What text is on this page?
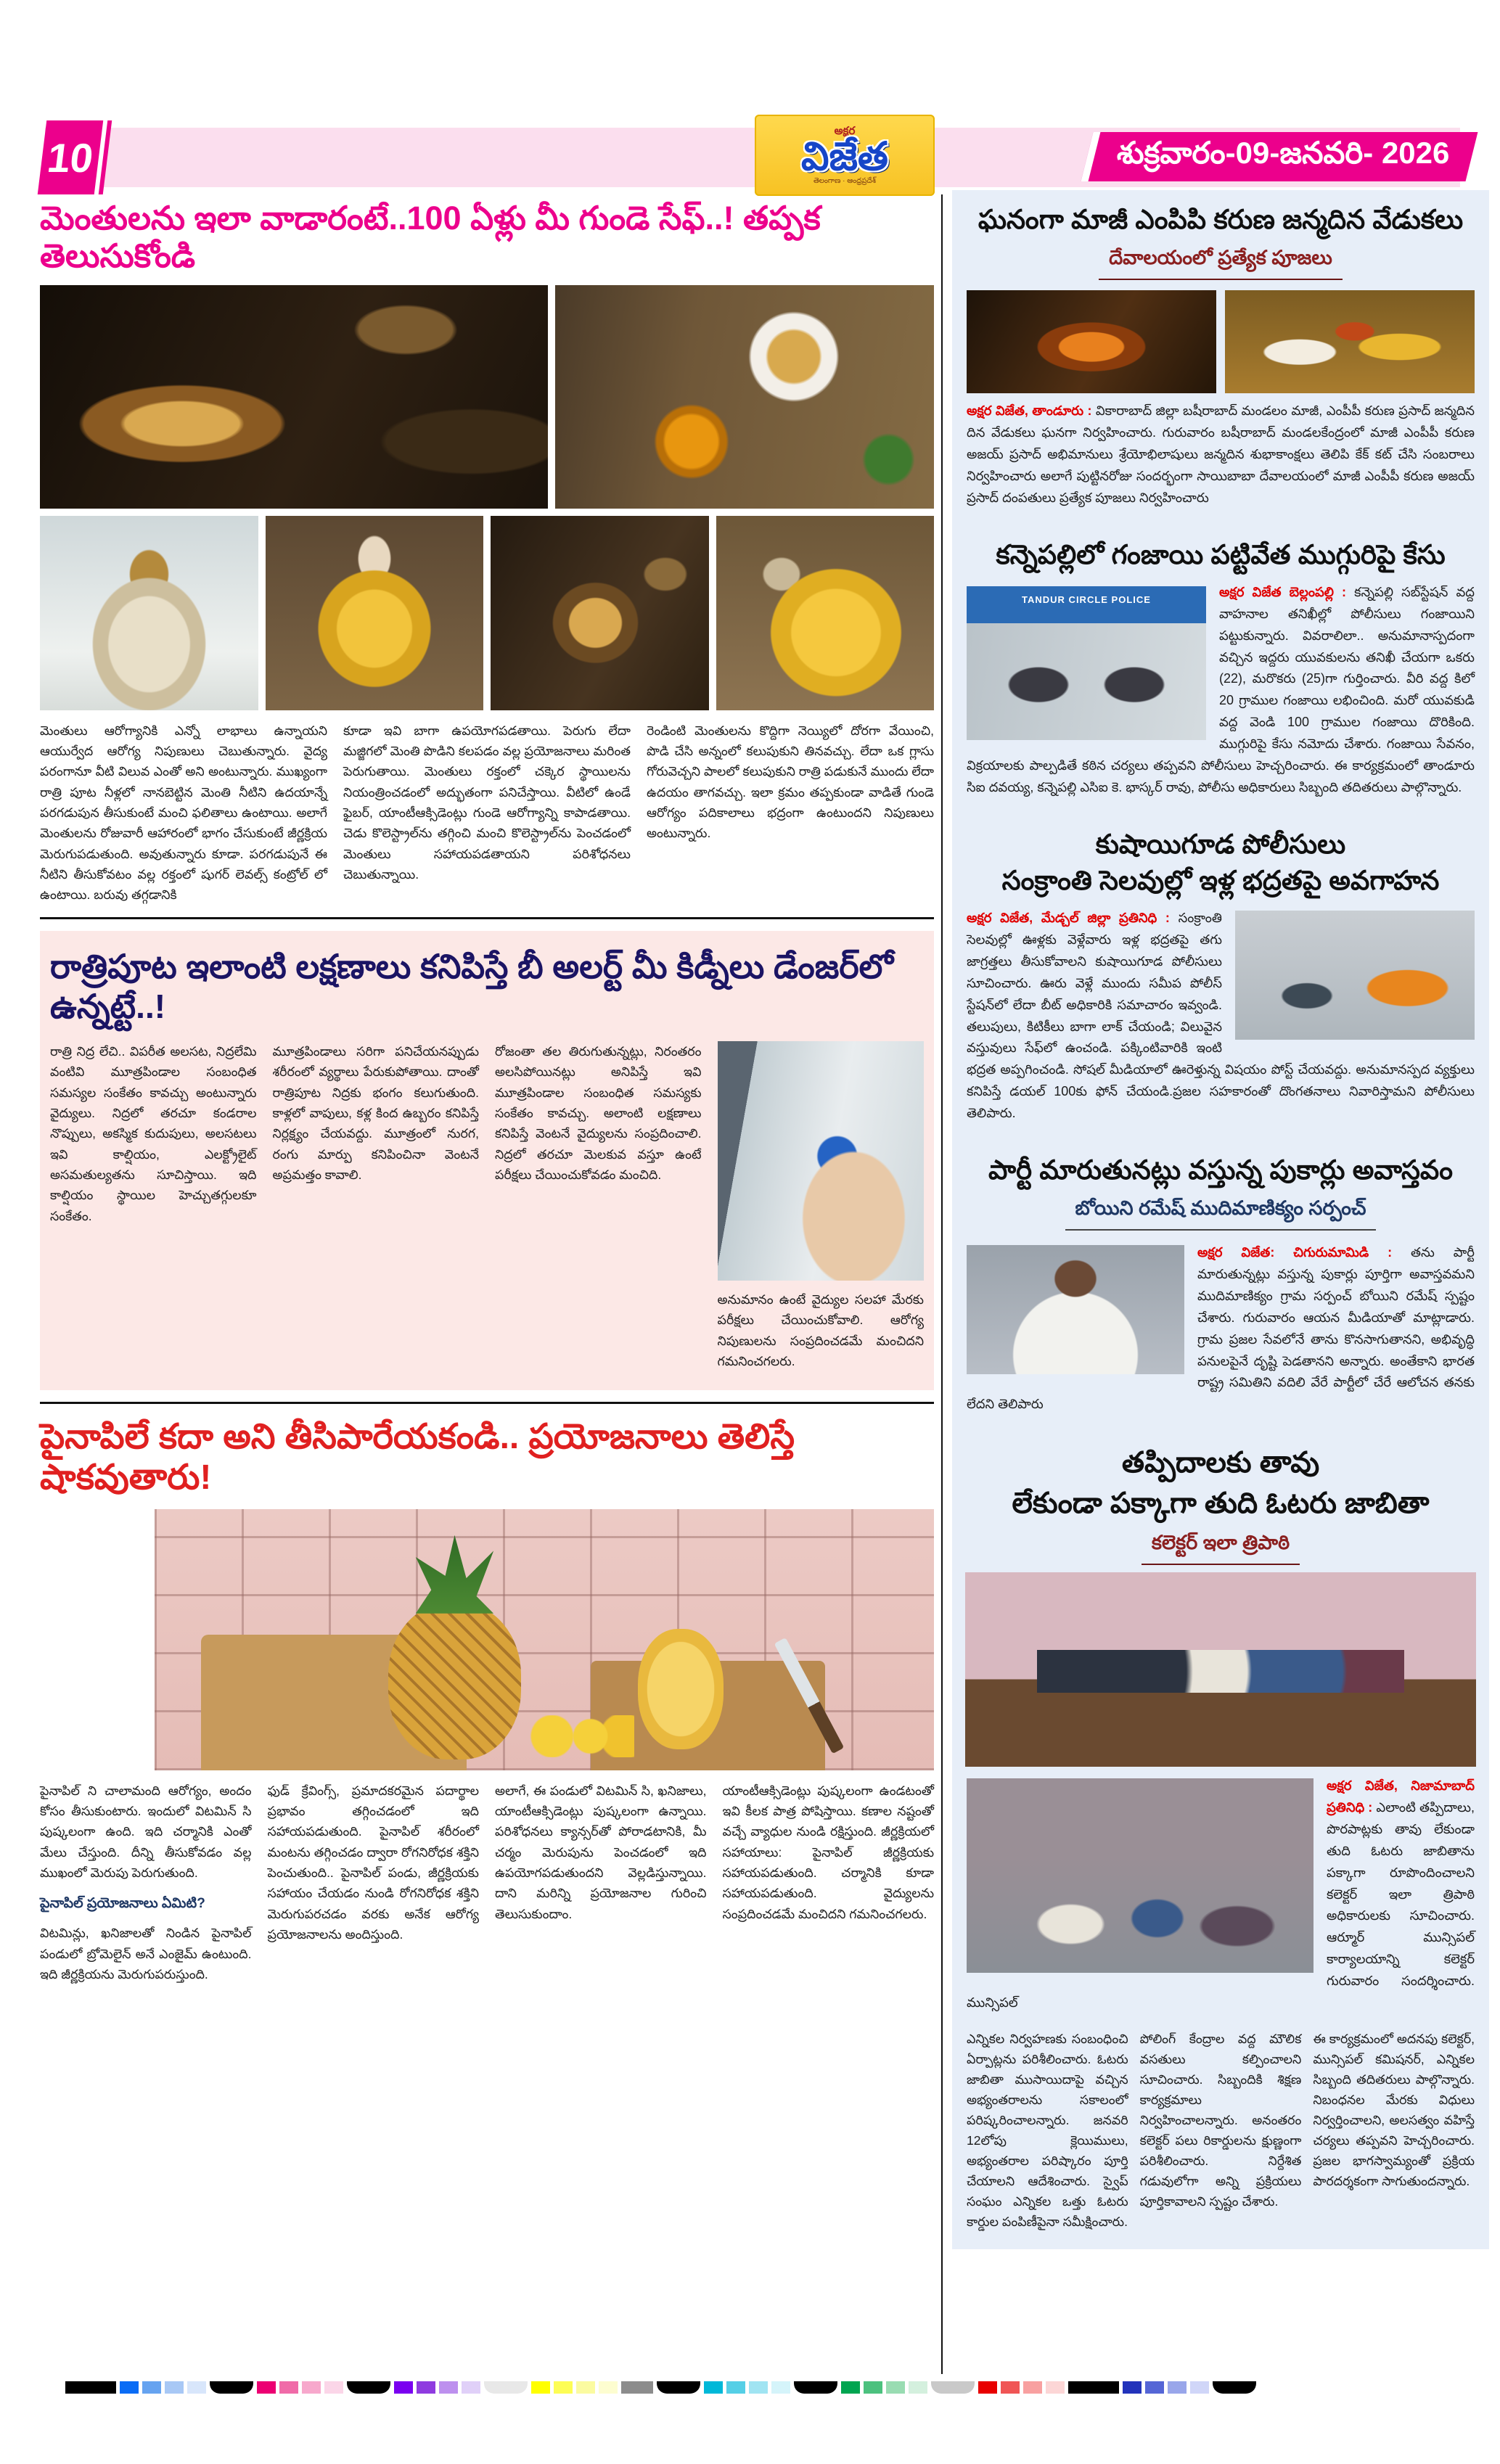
10
అక్షర
విజేత
తెలంగాణ · ఆంధ్రప్రదేశ్
శుక్రవారం-09-జనవరి- 2026
మెంతులను ఇలా వాడారంటే..100 ఏళ్లు మీ గుండె సేఫ్..! తప్పక తెలుసుకోండి
మెంతులు ఆరోగ్యానికి ఎన్నో లాభాలు ఉన్నాయని ఆయుర్వేద ఆరోగ్య నిపుణులు చెబుతున్నారు. వైద్య పరంగానూ వీటి విలువ ఎంతో అని అంటున్నారు. ముఖ్యంగా రాత్రి పూట నీళ్లలో నానబెట్టిన మెంతి నీటిని ఉదయాన్నే పరగడుపున తీసుకుంటే మంచి ఫలితాలు ఉంటాయి. అలాగే మెంతులను రోజువారీ ఆహారంలో భాగం చేసుకుంటే జీర్ణక్రియ మెరుగుపడుతుంది. అవుతున్నారు కూడా. పరగడుపునే ఈ నీటిని తీసుకోవటం వల్ల రక్తంలో షుగర్ లెవల్స్ కంట్రోల్ లో ఉంటాయి. బరువు తగ్గడానికి
కూడా ఇవి బాగా ఉపయోగపడతాయి. పెరుగు లేదా మజ్జిగలో మెంతి పొడిని కలపడం వల్ల ప్రయోజనాలు మరింత పెరుగుతాయి. మెంతులు రక్తంలో చక్కెర స్థాయిలను నియంత్రించడంలో అద్భుతంగా పనిచేస్తాయి. వీటిలో ఉండే ఫైబర్, యాంటీఆక్సిడెంట్లు గుండె ఆరోగ్యాన్ని కాపాడతాయి. చెడు కొలెస్ట్రాల్‌ను తగ్గించి మంచి కొలెస్ట్రాల్‌ను పెంచడంలో మెంతులు సహాయపడతాయని పరిశోధనలు చెబుతున్నాయి.
రెండింటి మెంతులను కొద్దిగా నెయ్యిలో దోరగా వేయించి, పొడి చేసి అన్నంలో కలుపుకుని తినవచ్చు. లేదా ఒక గ్లాసు గోరువెచ్చని పాలలో కలుపుకుని రాత్రి పడుకునే ముందు లేదా ఉదయం తాగవచ్చు. ఇలా క్రమం తప్పకుండా వాడితే గుండె ఆరోగ్యం పదికాలాలు భద్రంగా ఉంటుందని నిపుణులు అంటున్నారు.
రాత్రిపూట ఇలాంటి లక్షణాలు కనిపిస్తే బీ అలర్ట్ మీ కిడ్నీలు డేంజర్‌లో ఉన్నట్టే..!
రాత్రి నిద్ర లేచి.. విపరీత అలసట, నిద్రలేమి వంటివి మూత్రపిండాల సంబంధిత సమస్యల సంకేతం కావచ్చు అంటున్నారు వైద్యులు. నిద్రలో తరచూ కండరాల నొప్పులు, అకస్మిక కుదుపులు, అలసటలు ఇవి కాల్షియం, ఎలక్ట్రోలైట్ అసమతుల్యతను సూచిస్తాయి. ఇది కాల్షియం స్థాయిల హెచ్చుతగ్గులకూ సంకేతం.
మూత్రపిండాలు సరిగా పనిచేయనప్పుడు శరీరంలో వ్యర్థాలు పేరుకుపోతాయి. దాంతో రాత్రిపూట నిద్రకు భంగం కలుగుతుంది. కాళ్లలో వాపులు, కళ్ల కింద ఉబ్బరం కనిపిస్తే నిర్లక్ష్యం చేయవద్దు. మూత్రంలో నురగ, రంగు మార్పు కనిపించినా వెంటనే అప్రమత్తం కావాలి.
రోజంతా తల తిరుగుతున్నట్లు, నిరంతరం అలసిపోయినట్లు అనిపిస్తే ఇవి మూత్రపిండాల సంబంధిత సమస్యకు సంకేతం కావచ్చు. అలాంటి లక్షణాలు కనిపిస్తే వెంటనే వైద్యులను సంప్రదించాలి. నిద్రలో తరచూ మెలకువ వస్తూ ఉంటే పరీక్షలు చేయించుకోవడం మంచిది.

అనుమానం ఉంటే వైద్యుల సలహా మేరకు పరీక్షలు చేయించుకోవాలి. ఆరోగ్య నిపుణులను సంప్రదించడమే మంచిదని గమనించగలరు.

పైనాపిలే కదా అని తీసిపారేయకండి.. ప్రయోజనాలు తెలిస్తే షాకవుతారు!

పైనాపిల్ ని చాలామంది ఆరోగ్యం, అందం కోసం తీసుకుంటారు. ఇందులో విటమిన్ సి పుష్కలంగా ఉంది. ఇది చర్మానికి ఎంతో మేలు చేస్తుంది. దీన్ని తీసుకోవడం వల్ల ముఖంలో మెరుపు పెరుగుతుంది.

పైనాపిల్ ప్రయోజనాలు ఏమిటి?

విటమిన్లు, ఖనిజాలతో నిండిన పైనాపిల్ పండులో బ్రోమెలైన్ అనే ఎంజైమ్ ఉంటుంది. ఇది జీర్ణక్రియను మెరుగుపరుస్తుంది.

ఫుడ్ క్రేవింగ్స్, ప్రమాదకరమైన పదార్థాల ప్రభావం తగ్గించడంలో ఇది సహాయపడుతుంది. పైనాపిల్ శరీరంలో మంటను తగ్గించడం ద్వారా రోగనిరోధక శక్తిని పెంచుతుంది.. పైనాపిల్ పండు, జీర్ణక్రియకు సహాయం చేయడం నుండి రోగనిరోధక శక్తిని మెరుగుపరచడం వరకు అనేక ఆరోగ్య ప్రయోజనాలను అందిస్తుంది.
అలాగే, ఈ పండులో విటమిన్ సి, ఖనిజాలు, యాంటీఆక్సిడెంట్లు పుష్కలంగా ఉన్నాయి. పరిశోధనలు క్యాన్సర్‌తో పోరాడటానికి, మీ చర్మం మెరుపును పెంచడంలో ఇది ఉపయోగపడుతుందని వెల్లడిస్తున్నాయి. దాని మరిన్ని ప్రయోజనాల గురించి తెలుసుకుందాం.
యాంటీఆక్సిడెంట్లు పుష్కలంగా ఉండటంతో ఇవి కీలక పాత్ర పోషిస్తాయి. కణాల నష్టంతో వచ్చే వ్యాధుల నుండి రక్షిస్తుంది. జీర్ణక్రియలో సహాయాలు: పైనాపిల్ జీర్ణక్రియకు సహాయపడుతుంది. చర్మానికి కూడా సహాయపడుతుంది. వైద్యులను సంప్రదించడమే మంచిదని గమనించగలరు.
ఘనంగా మాజీ ఎంపిపి కరుణ జన్మదిన వేడుకలు
దేవాలయంలో ప్రత్యేక పూజలు

అక్షర విజేత, తాండూరు : వికారాబాద్ జిల్లా బషీరాబాద్ మండలం మాజీ, ఎంపీపీ కరుణ ప్రసాద్ జన్మదిన దిన వేడుకలు ఘనగా నిర్వహించారు. గురువారం బషీరాబాద్ మండలకేంద్రంలో మాజీ ఎంపీపీ కరుణ అజయ్ ప్రసాద్ అభిమానులు శ్రేయోభిలాషులు జన్మదిన శుభాకాంక్షలు తెలిపి కేక్ కట్ చేసి సంబరాలు నిర్వహించారు అలాగే పుట్టినరోజు సందర్భంగా సాయిబాబా దేవాలయంలో మాజీ ఎంపీపీ కరుణ అజయ్ ప్రసాద్ దంపతులు ప్రత్యేక పూజలు నిర్వహించారు

కన్నెపల్లిలో గంజాయి పట్టివేత ముగ్గురిపై కేసు
TANDUR CIRCLE POLICE
అక్షర విజేత బెల్లంపల్లి : కన్నెపల్లి సబ్‌స్టేషన్ వద్ద వాహనాల తనిఖీల్లో పోలీసులు గంజాయిని పట్టుకున్నారు. వివరాలిలా.. అనుమానాస్పదంగా వచ్చిన ఇద్దరు యువకులను తనిఖీ చేయగా ఒకరు (22), మరొకరు (25)గా గుర్తించారు. వీరి వద్ద కిలో 20 గ్రాముల గంజాయి లభించింది. మరో యువకుడి వద్ద వెండి 100 గ్రాముల గంజాయి దొరికింది. ముగ్గురిపై కేసు నమోదు చేశారు. గంజాయి సేవనం, విక్రయాలకు పాల్పడితే కఠిన చర్యలు తప్పవని పోలీసులు హెచ్చరించారు. ఈ కార్యక్రమంలో తాండూరు సిఐ దవయ్య, కన్నెపల్లి ఎసిఐ కె. భాస్కర్ రావు, పోలీసు అధికారులు సిబ్బంది తదితరులు పాల్గొన్నారు.
కుషాయిగూడ పోలీసులు
సంక్రాంతి సెలవుల్లో ఇళ్ల భద్రతపై అవగాహన
అక్షర విజేత, మేడ్చల్ జిల్లా ప్రతినిధి : సంక్రాంతి సెలవుల్లో ఊళ్లకు వెళ్లేవారు ఇళ్ల భద్రతపై తగు జాగ్రత్తలు తీసుకోవాలని కుషాయిగూడ పోలీసులు సూచించారు. ఊరు వెళ్లే ముందు సమీప పోలీస్ స్టేషన్‌లో లేదా బీట్ అధికారికి సమాచారం ఇవ్వండి. తలుపులు, కిటికీలు బాగా లాక్ చేయండి; విలువైన వస్తువులు సేఫ్‌లో ఉంచండి. పక్కింటివారికి ఇంటి భద్రత అప్పగించండి. సోషల్ మీడియాలో ఊరెళ్తున్న విషయం పోస్ట్ చేయవద్దు. అనుమానస్పద వ్యక్తులు కనిపిస్తే డయల్ 100కు ఫోన్ చేయండి.ప్రజల సహకారంతో దొంగతనాలు నివారిస్తామని పోలీసులు తెలిపారు.
పార్టీ మారుతునట్లు వస్తున్న పుకార్లు అవాస్తవం
బోయిని రమేష్ ముదిమాణిక్యం సర్పంచ్
అక్షర విజేత: చిగురుమామిడి : తను పార్టీ మారుతున్నట్లు వస్తున్న పుకార్లు పూర్తిగా అవాస్తవమని ముదిమాణిక్యం గ్రామ సర్పంచ్ బోయిని రమేష్ స్పష్టం చేశారు. గురువారం ఆయన మీడియాతో మాట్లాడారు. గ్రామ ప్రజల సేవలోనే తాను కొనసాగుతానని, అభివృద్ధి పనులపైనే దృష్టి పెడతానని అన్నారు. అంతేకాని భారత రాష్ట్ర సమితిని వదిలి వేరే పార్టీలో చేరే ఆలోచన తనకు లేదని తెలిపారు
తప్పిదాలకు తావు
లేకుండా పక్కాగా తుది ఓటరు జాబితా
కలెక్టర్ ఇలా త్రిపాఠి
అక్షర విజేత, నిజామాబాద్ ప్రతినిధి : ఎలాంటి తప్పిదాలు, పొరపాట్లకు తావు లేకుండా తుది ఓటరు జాబితాను పక్కాగా రూపొందించాలని కలెక్టర్ ఇలా త్రిపాఠి అధికారులకు సూచించారు. ఆర్మూర్ మున్సిపల్ కార్యాలయాన్ని కలెక్టర్ గురువారం సందర్శించారు. మున్సిపల్
ఎన్నికల నిర్వహణకు సంబంధించి ఏర్పాట్లను పరిశీలించారు. ఓటరు జాబితా ముసాయిదాపై వచ్చిన అభ్యంతరాలను సకాలంలో పరిష్కరించాలన్నారు. జనవరి 12లోపు క్లెయిములు, అభ్యంతరాల పరిష్కారం పూర్తి చేయాలని ఆదేశించారు. స్వైప్ సంఘం ఎన్నికల ఒత్తు ఓటరు కార్డుల పంపిణీపైనా సమీక్షించారు.
పోలింగ్ కేంద్రాల వద్ద మౌలిక వసతులు కల్పించాలని సూచించారు. సిబ్బందికి శిక్షణ కార్యక్రమాలు నిర్వహించాలన్నారు. అనంతరం కలెక్టర్ పలు రికార్డులను క్షుణ్ణంగా పరిశీలించారు. నిర్దేశిత గడువులోగా అన్ని ప్రక్రియలు పూర్తికావాలని స్పష్టం చేశారు.
ఈ కార్యక్రమంలో అదనపు కలెక్టర్, మున్సిపల్ కమిషనర్, ఎన్నికల సిబ్బంది తదితరులు పాల్గొన్నారు. నిబంధనల మేరకు విధులు నిర్వర్తించాలని, అలసత్వం వహిస్తే చర్యలు తప్పవని హెచ్చరించారు. ప్రజల భాగస్వామ్యంతో ప్రక్రియ పారదర్శకంగా సాగుతుందన్నారు.
